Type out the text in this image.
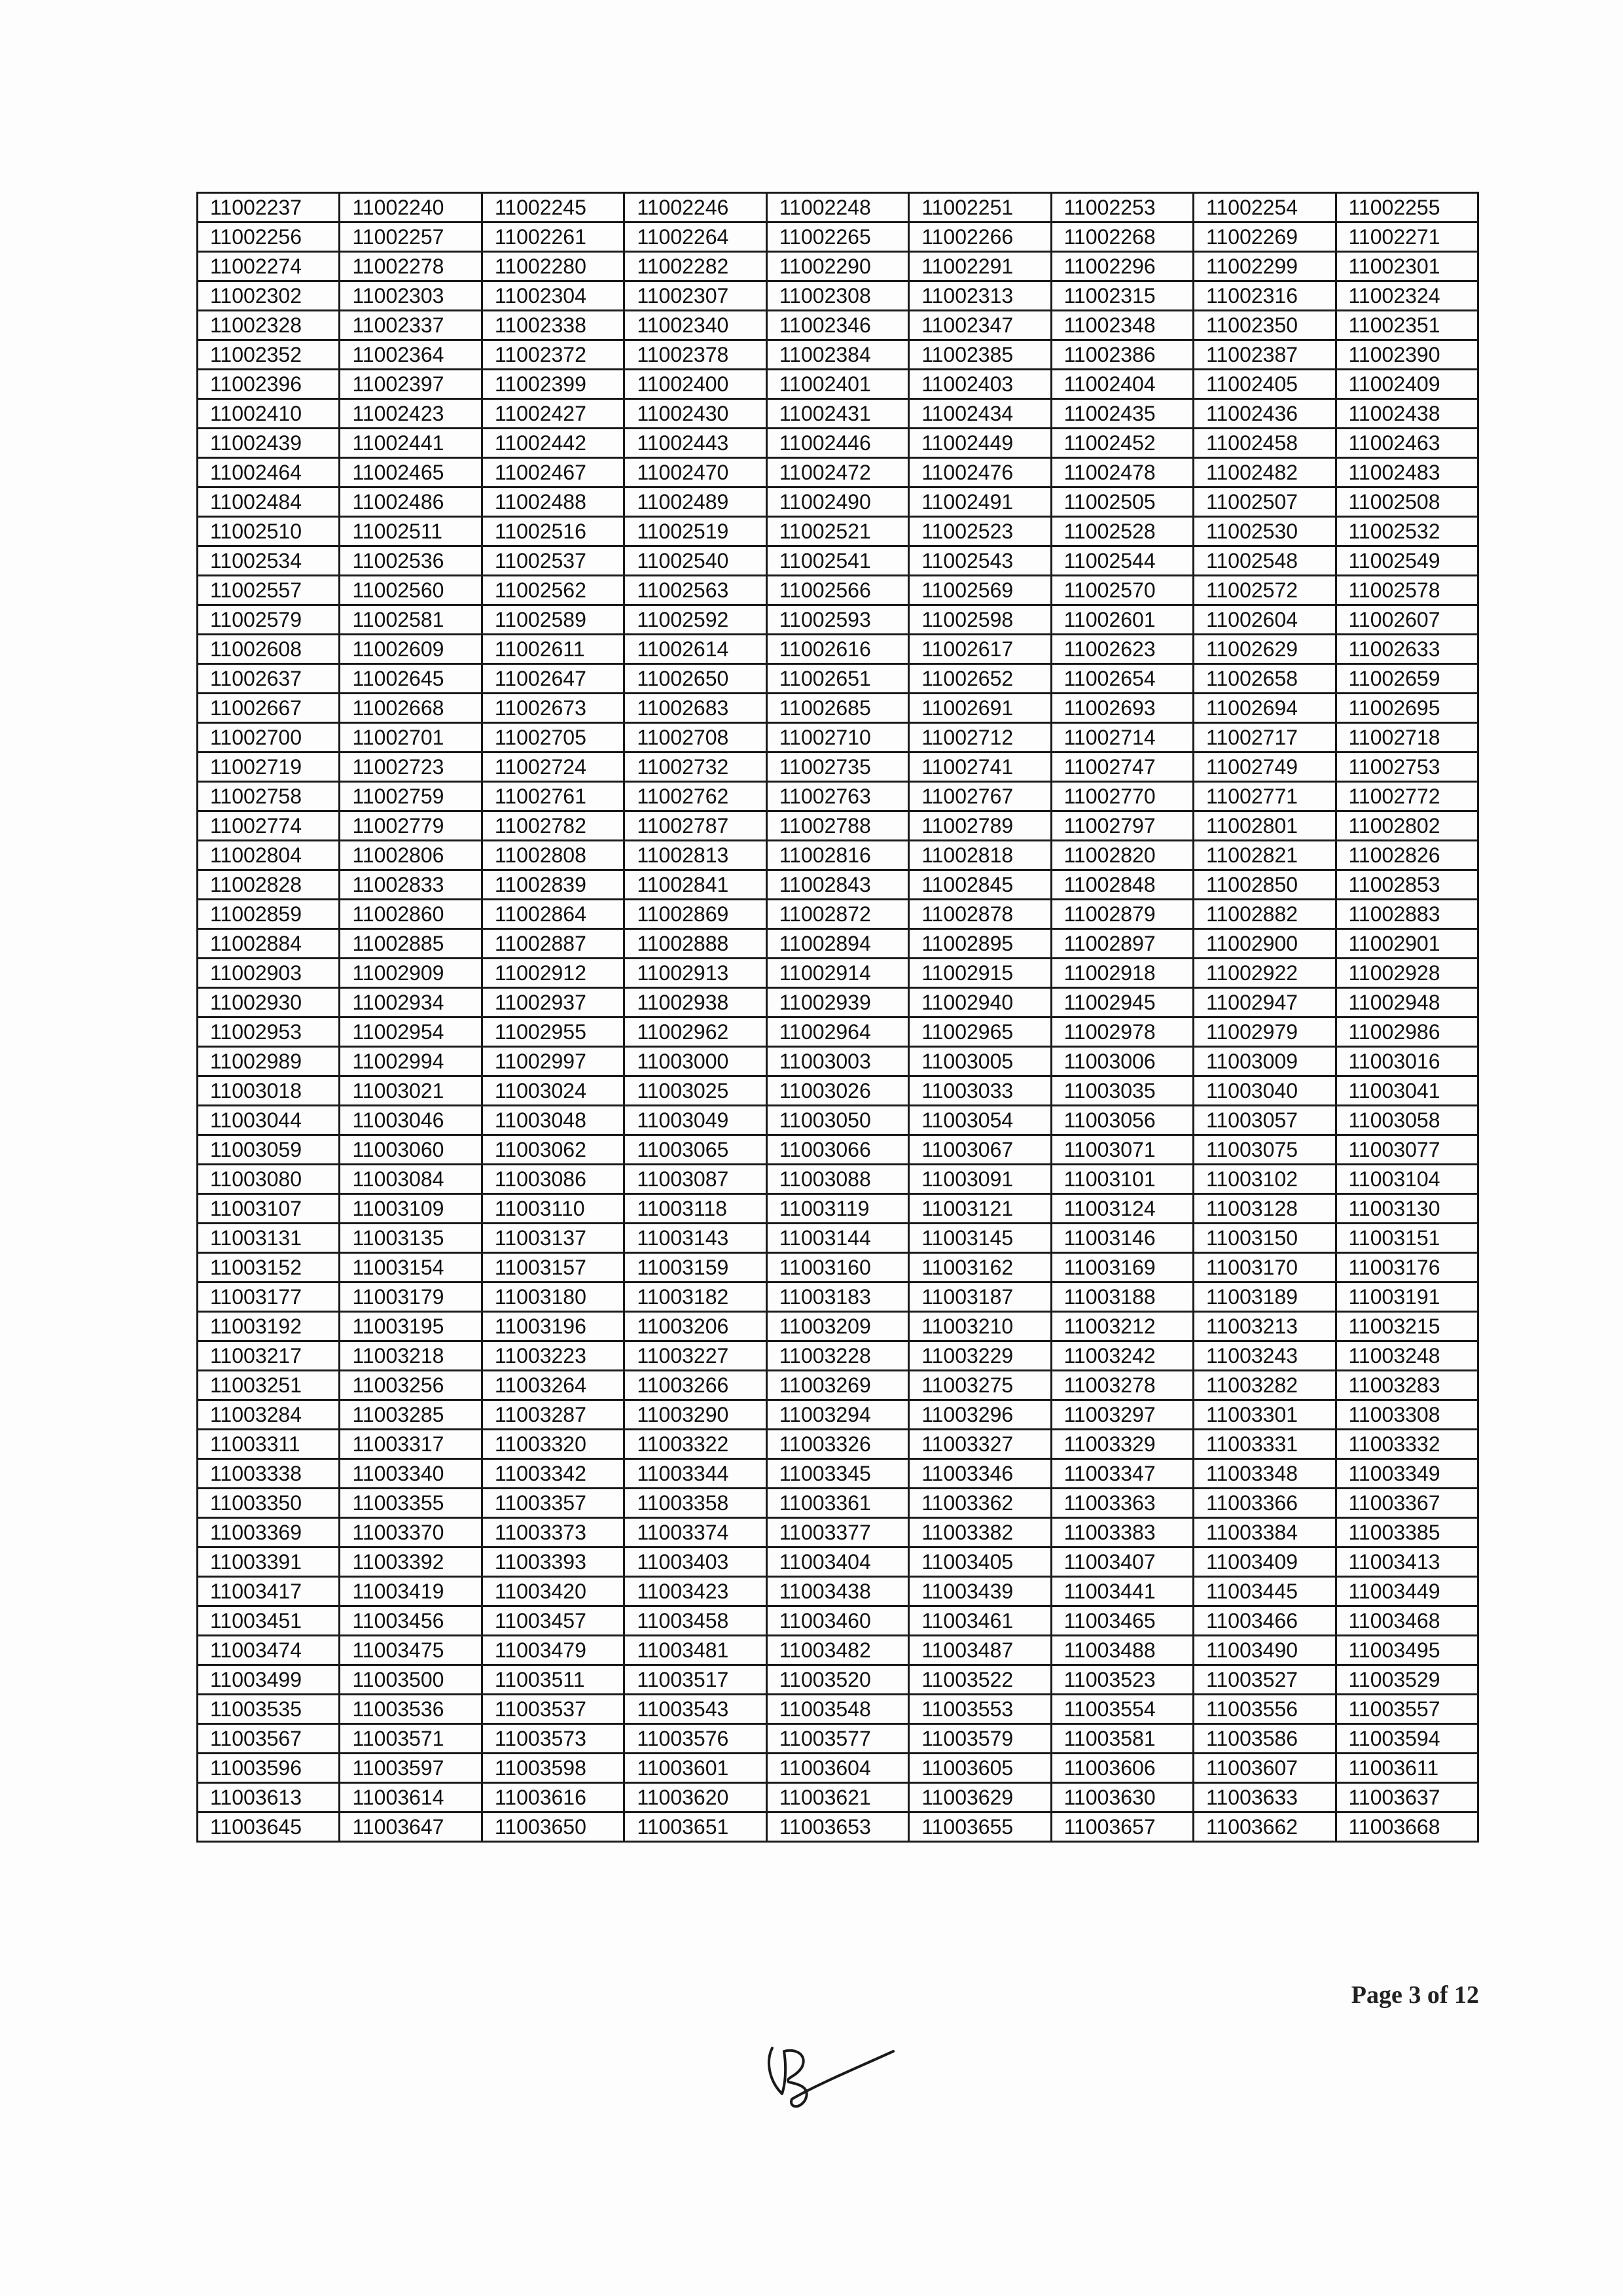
11002237	11002240	11002245	11002246	11002248	11002251	11002253	11002254	11002255
11002256	11002257	11002261	11002264	11002265	11002266	11002268	11002269	11002271
11002274	11002278	11002280	11002282	11002290	11002291	11002296	11002299	11002301
11002302	11002303	11002304	11002307	11002308	11002313	11002315	11002316	11002324
11002328	11002337	11002338	11002340	11002346	11002347	11002348	11002350	11002351
11002352	11002364	11002372	11002378	11002384	11002385	11002386	11002387	11002390
11002396	11002397	11002399	11002400	11002401	11002403	11002404	11002405	11002409
11002410	11002423	11002427	11002430	11002431	11002434	11002435	11002436	11002438
11002439	11002441	11002442	11002443	11002446	11002449	11002452	11002458	11002463
11002464	11002465	11002467	11002470	11002472	11002476	11002478	11002482	11002483
11002484	11002486	11002488	11002489	11002490	11002491	11002505	11002507	11002508
11002510	11002511	11002516	11002519	11002521	11002523	11002528	11002530	11002532
11002534	11002536	11002537	11002540	11002541	11002543	11002544	11002548	11002549
11002557	11002560	11002562	11002563	11002566	11002569	11002570	11002572	11002578
11002579	11002581	11002589	11002592	11002593	11002598	11002601	11002604	11002607
11002608	11002609	11002611	11002614	11002616	11002617	11002623	11002629	11002633
11002637	11002645	11002647	11002650	11002651	11002652	11002654	11002658	11002659
11002667	11002668	11002673	11002683	11002685	11002691	11002693	11002694	11002695
11002700	11002701	11002705	11002708	11002710	11002712	11002714	11002717	11002718
11002719	11002723	11002724	11002732	11002735	11002741	11002747	11002749	11002753
11002758	11002759	11002761	11002762	11002763	11002767	11002770	11002771	11002772
11002774	11002779	11002782	11002787	11002788	11002789	11002797	11002801	11002802
11002804	11002806	11002808	11002813	11002816	11002818	11002820	11002821	11002826
11002828	11002833	11002839	11002841	11002843	11002845	11002848	11002850	11002853
11002859	11002860	11002864	11002869	11002872	11002878	11002879	11002882	11002883
11002884	11002885	11002887	11002888	11002894	11002895	11002897	11002900	11002901
11002903	11002909	11002912	11002913	11002914	11002915	11002918	11002922	11002928
11002930	11002934	11002937	11002938	11002939	11002940	11002945	11002947	11002948
11002953	11002954	11002955	11002962	11002964	11002965	11002978	11002979	11002986
11002989	11002994	11002997	11003000	11003003	11003005	11003006	11003009	11003016
11003018	11003021	11003024	11003025	11003026	11003033	11003035	11003040	11003041
11003044	11003046	11003048	11003049	11003050	11003054	11003056	11003057	11003058
11003059	11003060	11003062	11003065	11003066	11003067	11003071	11003075	11003077
11003080	11003084	11003086	11003087	11003088	11003091	11003101	11003102	11003104
11003107	11003109	11003110	11003118	11003119	11003121	11003124	11003128	11003130
11003131	11003135	11003137	11003143	11003144	11003145	11003146	11003150	11003151
11003152	11003154	11003157	11003159	11003160	11003162	11003169	11003170	11003176
11003177	11003179	11003180	11003182	11003183	11003187	11003188	11003189	11003191
11003192	11003195	11003196	11003206	11003209	11003210	11003212	11003213	11003215
11003217	11003218	11003223	11003227	11003228	11003229	11003242	11003243	11003248
11003251	11003256	11003264	11003266	11003269	11003275	11003278	11003282	11003283
11003284	11003285	11003287	11003290	11003294	11003296	11003297	11003301	11003308
11003311	11003317	11003320	11003322	11003326	11003327	11003329	11003331	11003332
11003338	11003340	11003342	11003344	11003345	11003346	11003347	11003348	11003349
11003350	11003355	11003357	11003358	11003361	11003362	11003363	11003366	11003367
11003369	11003370	11003373	11003374	11003377	11003382	11003383	11003384	11003385
11003391	11003392	11003393	11003403	11003404	11003405	11003407	11003409	11003413
11003417	11003419	11003420	11003423	11003438	11003439	11003441	11003445	11003449
11003451	11003456	11003457	11003458	11003460	11003461	11003465	11003466	11003468
11003474	11003475	11003479	11003481	11003482	11003487	11003488	11003490	11003495
11003499	11003500	11003511	11003517	11003520	11003522	11003523	11003527	11003529
11003535	11003536	11003537	11003543	11003548	11003553	11003554	11003556	11003557
11003567	11003571	11003573	11003576	11003577	11003579	11003581	11003586	11003594
11003596	11003597	11003598	11003601	11003604	11003605	11003606	11003607	11003611
11003613	11003614	11003616	11003620	11003621	11003629	11003630	11003633	11003637
11003645	11003647	11003650	11003651	11003653	11003655	11003657	11003662	11003668
Page 3 of 12
